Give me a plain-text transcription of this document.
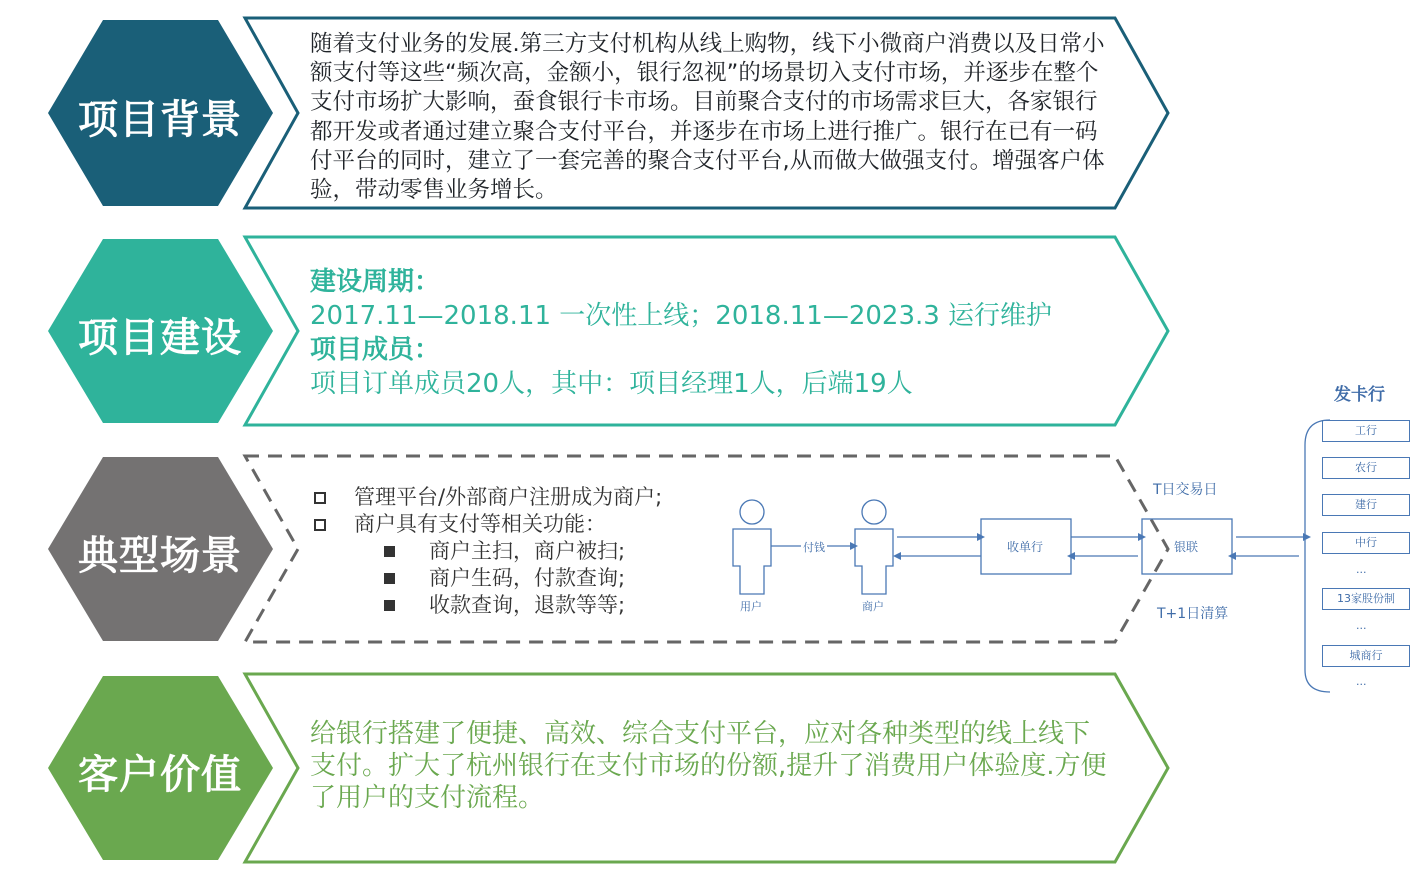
项目背景
项目建设
典型场景
客户价值
随着支付业务的发展.第三方支付机构从线上购物，线下小微商户消费以及日常小额支付等这些“频次高，金额小，银行忽视”的场景切入支付市场，并逐步在整个支付市场扩大影响，蚕食银行卡市场。目前聚合支付的市场需求巨大，各家银行都开发或者通过建立聚合支付平台，并逐步在市场上进行推广。银行在已有一码付平台的同时，建立了一套完善的聚合支付平台,从而做大做强支付。增强客户体验，带动零售业务增长。
建设周期：
2017.11—2018.11 一次性上线；2018.11—2023.3 运行维护
项目成员：
项目订单成员20人，其中：项目经理1人，后端19人
管理平台/外部商户注册成为商户;
商户具有支付等相关功能：
商户主扫，商户被扫;
商户生码，付款查询;
收款查询，退款等等;	用户	商户
付钱	收单行	银联
T日交易日
T+1日清算
发卡行
工行
农行
建行
中行
...
13家股份制
...
城商行
...
给银行搭建了便捷、高效、综合支付平台，应对各种类型的线上线下支付。扩大了杭州银行在支付市场的份额,提升了消费用户体验度.方便了用户的支付流程。
